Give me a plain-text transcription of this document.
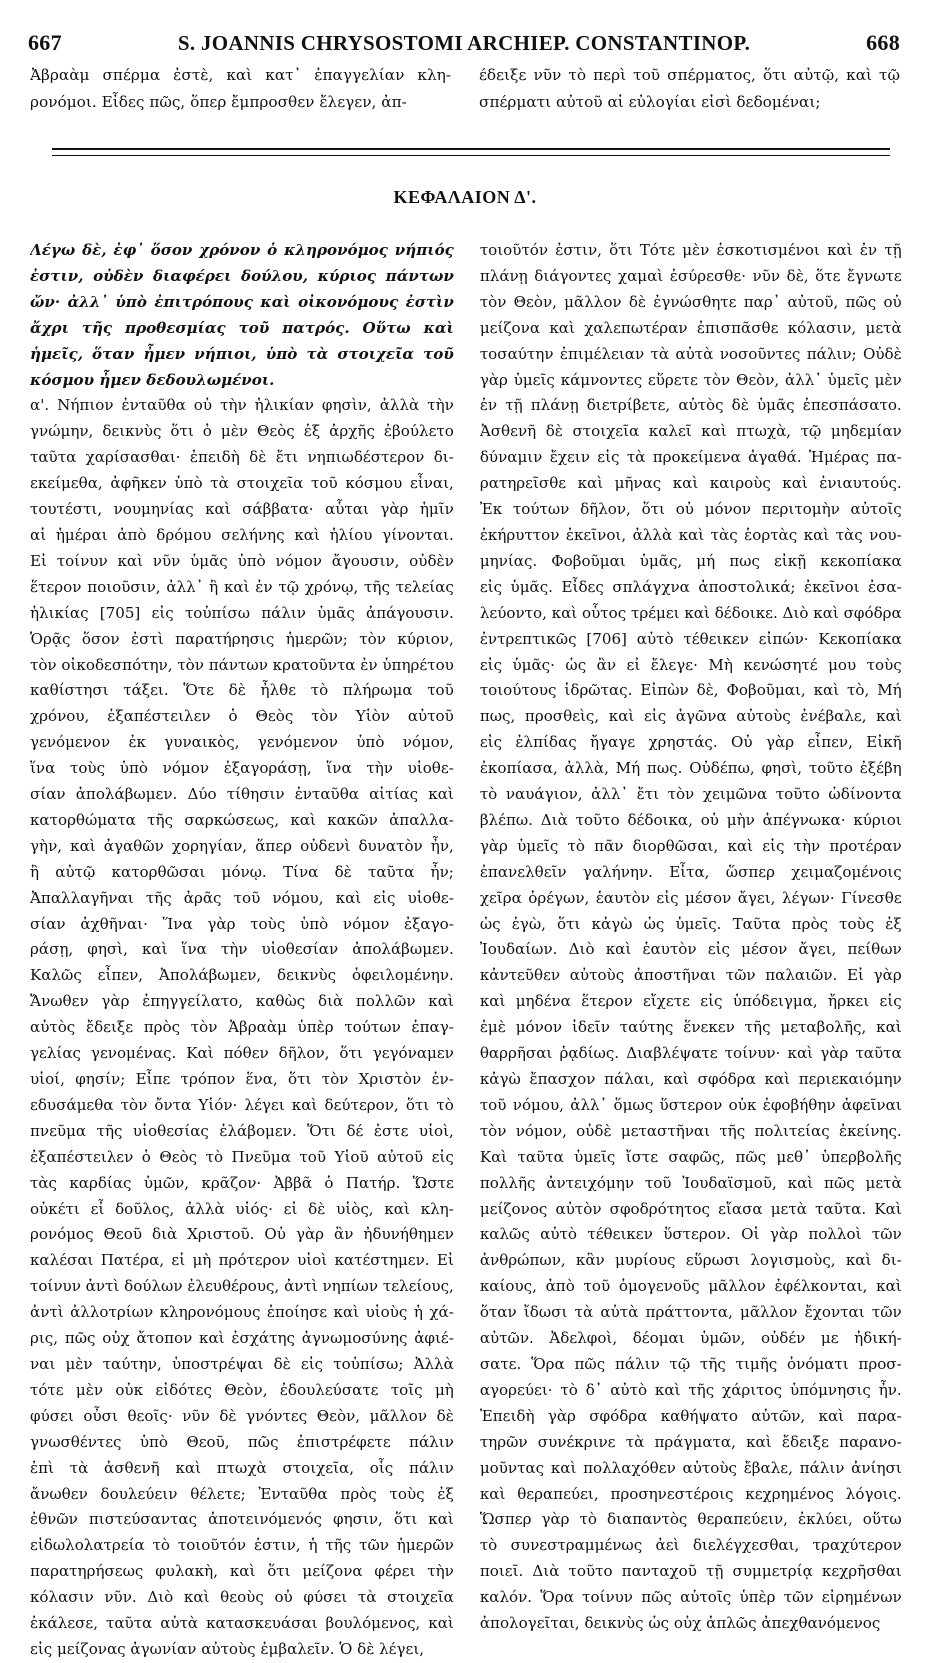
667	S. JOANNIS CHRYSOSTOMI ARCHIEP. CONSTANTINOP.	668
Ἀβραὰμ σπέρμα ἐστὲ, καὶ κατ᾽ ἐπαγγελίαν κλη-
ρονόμοι. Εἶδες πῶς, ὅπερ ἔμπροσθεν ἔλεγεν, ἀπ-
έδειξε νῦν τὸ περὶ τοῦ σπέρματος, ὅτι αὐτῷ, καὶ τῷ
σπέρματι αὐτοῦ αἱ εὐλογίαι εἰσὶ δεδομέναι;
ΚΕΦΑΛΑΙΟΝ Δ'.
Λέγω δὲ, ἐφ᾽ ὅσον χρόνον ὁ κληρονόμος νήπιός
ἐστιν, οὐδὲν διαφέρει δούλου, κύριος πάντων
ὤν· ἀλλ᾽ ὑπὸ ἐπιτρόπους καὶ οἰκονόμους ἐστὶν
ἄχρι τῆς προθεσμίας τοῦ πατρός. Οὕτω καὶ
ἡμεῖς, ὅταν ἦμεν νήπιοι, ὑπὸ τὰ στοιχεῖα τοῦ
κόσμου ἦμεν δεδουλωμένοι.
α'. Νήπιον ἐνταῦθα οὐ τὴν ἡλικίαν φησὶν, ἀλλὰ τὴν
γνώμην, δεικνὺς ὅτι ὁ μὲν Θεὸς ἐξ ἀρχῆς ἐβούλετο
ταῦτα χαρίσασθαι· ἐπειδὴ δὲ ἔτι νηπιωδέστερον δι-
εκείμεθα, ἀφῆκεν ὑπὸ τὰ στοιχεῖα τοῦ κόσμου εἶναι,
τουτέστι, νουμηνίας καὶ σάββατα· αὗται γὰρ ἡμῖν
αἱ ἡμέραι ἀπὸ δρόμου σελήνης καὶ ἡλίου γίνονται.
Εἰ τοίνυν καὶ νῦν ὑμᾶς ὑπὸ νόμον ἄγουσιν, οὐδὲν
ἕτερον ποιοῦσιν, ἀλλ᾽ ἢ καὶ ἐν τῷ χρόνῳ, τῆς τελείας
ἡλικίας [705] εἰς τοὐπίσω πάλιν ὑμᾶς ἀπάγουσιν.
Ὁρᾷς ὅσον ἐστὶ παρατήρησις ἡμερῶν; τὸν κύριον,
τὸν οἰκοδεσπότην, τὸν πάντων κρατοῦντα ἐν ὑπηρέτου
καθίστησι τάξει. Ὅτε δὲ ἦλθε τὸ πλήρωμα τοῦ
χρόνου, ἐξαπέστειλεν ὁ Θεὸς τὸν Υἱὸν αὐτοῦ
γενόμενον ἐκ γυναικὸς, γενόμενον ὑπὸ νόμον,
ἵνα τοὺς ὑπὸ νόμον ἐξαγοράσῃ, ἵνα τὴν υἱοθε-
σίαν ἀπολάβωμεν. Δύο τίθησιν ἐνταῦθα αἰτίας καὶ
κατορθώματα τῆς σαρκώσεως, καὶ κακῶν ἀπαλλα-
γὴν, καὶ ἀγαθῶν χορηγίαν, ἅπερ οὐδενὶ δυνατὸν ἦν,
ἢ αὐτῷ κατορθῶσαι μόνῳ. Τίνα δὲ ταῦτα ἦν;
Ἀπαλλαγῆναι τῆς ἀρᾶς τοῦ νόμου, καὶ εἰς υἱοθε-
σίαν ἀχθῆναι· Ἵνα γὰρ τοὺς ὑπὸ νόμον ἐξαγο-
ράσῃ, φησὶ, καὶ ἵνα τὴν υἱοθεσίαν ἀπολάβωμεν.
Καλῶς εἶπεν, Ἀπολάβωμεν, δεικνὺς ὀφειλομένην.
Ἄνωθεν γὰρ ἐπηγγείλατο, καθὼς διὰ πολλῶν καὶ
αὐτὸς ἔδειξε πρὸς τὸν Ἀβραὰμ ὑπὲρ τούτων ἐπαγ-
γελίας γενομένας. Καὶ πόθεν δῆλον, ὅτι γεγόναμεν
υἱοί, φησίν; Εἶπε τρόπον ἕνα, ὅτι τὸν Χριστὸν ἐν-
εδυσάμεθα τὸν ὄντα Υἱόν· λέγει καὶ δεύτερον, ὅτι τὸ
πνεῦμα τῆς υἱοθεσίας ἐλάβομεν. Ὅτι δέ ἐστε υἱοὶ,
ἐξαπέστειλεν ὁ Θεὸς τὸ Πνεῦμα τοῦ Υἱοῦ αὐτοῦ εἰς
τὰς καρδίας ὑμῶν, κρᾶζον· Ἀββᾶ ὁ Πατήρ. Ὥστε
οὐκέτι εἶ δοῦλος, ἀλλὰ υἱός· εἰ δὲ υἱὸς, καὶ κλη-
ρονόμος Θεοῦ διὰ Χριστοῦ. Οὐ γὰρ ἂν ἠδυνήθημεν
καλέσαι Πατέρα, εἰ μὴ πρότερον υἱοὶ κατέστημεν. Εἰ
τοίνυν ἀντὶ δούλων ἐλευθέρους, ἀντὶ νηπίων τελείους,
ἀντὶ ἀλλοτρίων κληρονόμους ἐποίησε καὶ υἱοὺς ἡ χά-
ρις, πῶς οὐχ ἄτοπον καὶ ἐσχάτης ἀγνωμοσύνης ἀφιέ-
ναι μὲν ταύτην, ὑποστρέψαι δὲ εἰς τοὐπίσω; Ἀλλὰ
τότε μὲν οὐκ εἰδότες Θεὸν, ἐδουλεύσατε τοῖς μὴ
φύσει οὖσι θεοῖς· νῦν δὲ γνόντες Θεὸν, μᾶλλον δὲ
γνωσθέντες ὑπὸ Θεοῦ, πῶς ἐπιστρέφετε πάλιν
ἐπὶ τὰ ἀσθενῆ καὶ πτωχὰ στοιχεῖα, οἷς πάλιν
ἄνωθεν δουλεύειν θέλετε; Ἐνταῦθα πρὸς τοὺς ἐξ
ἐθνῶν πιστεύσαντας ἀποτεινόμενός φησιν, ὅτι καὶ
εἰδωλολατρεία τὸ τοιοῦτόν ἐστιν, ἡ τῆς τῶν ἡμερῶν
παρατηρήσεως φυλακὴ, καὶ ὅτι μείζονα φέρει τὴν
κόλασιν νῦν. Διὸ καὶ θεοὺς οὐ φύσει τὰ στοιχεῖα
ἐκάλεσε, ταῦτα αὐτὰ κατασκευάσαι βουλόμενος, καὶ
εἰς μείζονας ἀγωνίαν αὐτοὺς ἐμβαλεῖν. Ὁ δὲ λέγει,
τοιοῦτόν ἐστιν, ὅτι Τότε μὲν ἐσκοτισμένοι καὶ ἐν τῇ
πλάνῃ διάγοντες χαμαὶ ἐσύρεσθε· νῦν δὲ, ὅτε ἔγνωτε
τὸν Θεὸν, μᾶλλον δὲ ἐγνώσθητε παρ᾽ αὐτοῦ, πῶς οὐ
μείζονα καὶ χαλεπωτέραν ἐπισπᾶσθε κόλασιν, μετὰ
τοσαύτην ἐπιμέλειαν τὰ αὐτὰ νοσοῦντες πάλιν; Οὐδὲ
γὰρ ὑμεῖς κάμνοντες εὕρετε τὸν Θεὸν, ἀλλ᾽ ὑμεῖς μὲν
ἐν τῇ πλάνῃ διετρίβετε, αὐτὸς δὲ ὑμᾶς ἐπεσπάσατο.
Ἀσθενῆ δὲ στοιχεῖα καλεῖ καὶ πτωχὰ, τῷ μηδεμίαν
δύναμιν ἔχειν εἰς τὰ προκείμενα ἀγαθά. Ἡμέρας πα-
ρατηρεῖσθε καὶ μῆνας καὶ καιροὺς καὶ ἐνιαυτούς.
Ἐκ τούτων δῆλον, ὅτι οὐ μόνον περιτομὴν αὐτοῖς
ἐκήρυττον ἐκεῖνοι, ἀλλὰ καὶ τὰς ἑορτὰς καὶ τὰς νου-
μηνίας. Φοβοῦμαι ὑμᾶς, μή πως εἰκῇ κεκοπίακα
εἰς ὑμᾶς. Εἶδες σπλάγχνα ἀποστολικά; ἐκεῖνοι ἐσα-
λεύοντο, καὶ οὗτος τρέμει καὶ δέδοικε. Διὸ καὶ σφόδρα
ἐντρεπτικῶς [706] αὐτὸ τέθεικεν εἰπών· Κεκοπίακα
εἰς ὑμᾶς· ὡς ἂν εἰ ἔλεγε· Μὴ κενώσητέ μου τοὺς
τοιούτους ἱδρῶτας. Εἰπὼν δὲ, Φοβοῦμαι, καὶ τὸ, Μή
πως, προσθεὶς, καὶ εἰς ἀγῶνα αὐτοὺς ἐνέβαλε, καὶ
εἰς ἐλπίδας ἤγαγε χρηστάς. Οὐ γὰρ εἶπεν, Εἰκῆ
ἐκοπίασα, ἀλλὰ, Μή πως. Οὐδέπω, φησὶ, τοῦτο ἐξέβη
τὸ ναυάγιον, ἀλλ᾽ ἔτι τὸν χειμῶνα τοῦτο ὠδίνοντα
βλέπω. Διὰ τοῦτο δέδοικα, οὐ μὴν ἀπέγνωκα· κύριοι
γὰρ ὑμεῖς τὸ πᾶν διορθῶσαι, καὶ εἰς τὴν προτέραν
ἐπανελθεῖν γαλήνην. Εἶτα, ὥσπερ χειμαζομένοις
χεῖρα ὀρέγων, ἑαυτὸν εἰς μέσον ἄγει, λέγων· Γίνεσθε
ὡς ἐγὼ, ὅτι κἀγὼ ὡς ὑμεῖς. Ταῦτα πρὸς τοὺς ἐξ
Ἰουδαίων. Διὸ καὶ ἑαυτὸν εἰς μέσον ἄγει, πείθων
κἀντεῦθεν αὐτοὺς ἀποστῆναι τῶν παλαιῶν. Εἰ γὰρ
καὶ μηδένα ἕτερον εἴχετε εἰς ὑπόδειγμα, ἤρκει εἰς
ἐμὲ μόνον ἰδεῖν ταύτης ἕνεκεν τῆς μεταβολῆς, καὶ
θαρρῆσαι ῥᾳδίως. Διαβλέψατε τοίνυν· καὶ γὰρ ταῦτα
κἀγὼ ἔπασχον πάλαι, καὶ σφόδρα καὶ περιεκαιόμην
τοῦ νόμου, ἀλλ᾽ ὅμως ὕστερον οὐκ ἐφοβήθην ἀφεῖναι
τὸν νόμον, οὐδὲ μεταστῆναι τῆς πολιτείας ἐκείνης.
Καὶ ταῦτα ὑμεῖς ἴστε σαφῶς, πῶς μεθ᾽ ὑπερβολῆς
πολλῆς ἀντειχόμην τοῦ Ἰουδαϊσμοῦ, καὶ πῶς μετὰ
μείζονος αὐτὸν σφοδρότητος εἴασα μετὰ ταῦτα. Καὶ
καλῶς αὐτὸ τέθεικεν ὕστερον. Οἱ γὰρ πολλοὶ τῶν
ἀνθρώπων, κἂν μυρίους εὕρωσι λογισμοὺς, καὶ δι-
καίους, ἀπὸ τοῦ ὁμογενοῦς μᾶλλον ἐφέλκονται, καὶ
ὅταν ἴδωσι τὰ αὐτὰ πράττοντα, μᾶλλον ἔχονται τῶν
αὐτῶν. Ἀδελφοὶ, δέομαι ὑμῶν, οὐδέν με ἠδική-
σατε. Ὅρα πῶς πάλιν τῷ τῆς τιμῆς ὀνόματι προσ-
αγορεύει· τὸ δ᾽ αὐτὸ καὶ τῆς χάριτος ὑπόμνησις ἦν.
Ἐπειδὴ γὰρ σφόδρα καθήψατο αὐτῶν, καὶ παρα-
τηρῶν συνέκρινε τὰ πράγματα, καὶ ἔδειξε παρανο-
μοῦντας καὶ πολλαχόθεν αὐτοὺς ἔβαλε, πάλιν ἀνίησι
καὶ θεραπεύει, προσηνεστέροις κεχρημένος λόγοις.
Ὥσπερ γὰρ τὸ διαπαντὸς θεραπεύειν, ἐκλύει, οὕτω
τὸ συνεστραμμένως ἀεὶ διελέγχεσθαι, τραχύτερον
ποιεῖ. Διὰ τοῦτο πανταχοῦ τῇ συμμετρίᾳ κεχρῆσθαι
καλόν. Ὅρα τοίνυν πῶς αὐτοῖς ὑπὲρ τῶν εἰρημένων
ἀπολογεῖται, δεικνὺς ὡς οὐχ ἁπλῶς ἀπεχθανόμενος
